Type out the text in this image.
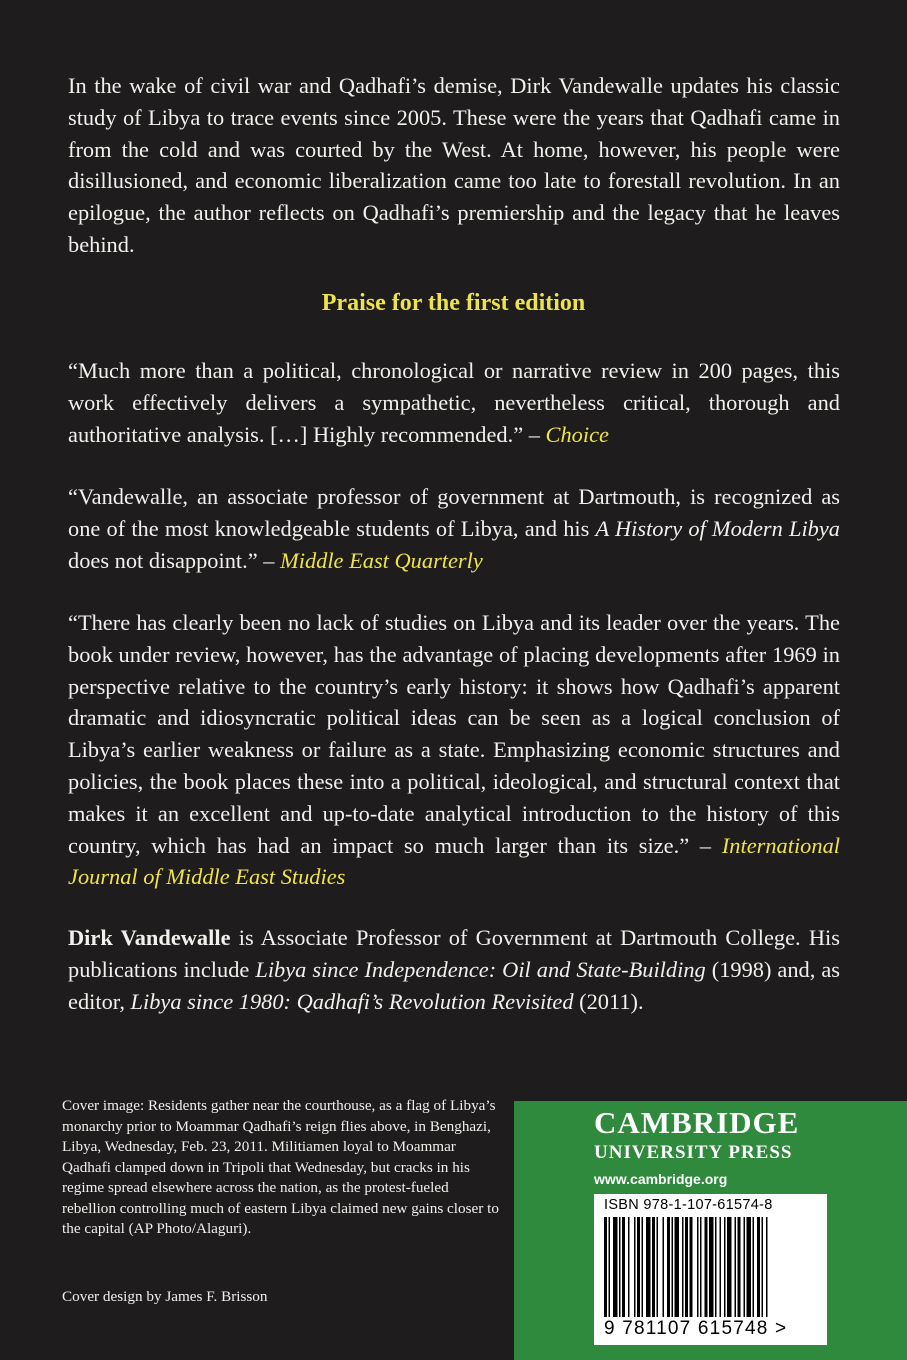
In the wake of civil war and Qadhafi’s demise, Dirk Vandewalle updates his classic study of Libya to trace events since 2005. These were the years that Qadhafi came in from the cold and was courted by the West. At home, however, his people were disillusioned, and economic liberalization came too late to forestall revolution. In an epilogue, the author reflects on Qadhafi’s premiership and the legacy that he leaves behind.

Praise for the first edition

“Much more than a political, chronological or narrative review in 200 pages, this work effectively delivers a sympathetic, nevertheless critical, thorough and authoritative analysis. […] Highly recommended.” – Choice

“Vandewalle, an associate professor of government at Dartmouth, is recognized as one of the most knowledgeable students of Libya, and his A History of Modern Libya does not disappoint.” – Middle East Quarterly

“There has clearly been no lack of studies on Libya and its leader over the years. The book under review, however, has the advantage of placing developments after 1969 in perspective relative to the country’s early history: it shows how Qadhafi’s apparent dramatic and idiosyncratic political ideas can be seen as a logical conclusion of Libya’s earlier weakness or failure as a state. Emphasizing economic structures and policies, the book places these into a political, ideological, and structural context that makes it an excellent and up-to-date analytical introduction to the history of this country, which has had an impact so much larger than its size.” – International Journal of Middle East Studies

Dirk Vandewalle is Associate Professor of Government at Dartmouth College. His publications include Libya since Independence: Oil and State-Building (1998) and, as editor, Libya since 1980: Qadhafi’s Revolution Revisited (2011).

Cover image: Residents gather near the courthouse, as a flag of Libya’s monarchy prior to Moammar Qadhafi’s reign flies above, in Benghazi, Libya, Wednesday, Feb. 23, 2011. Militiamen loyal to Moammar Qadhafi clamped down in Tripoli that Wednesday, but cracks in his regime spread elsewhere across the nation, as the protest-fueled rebellion controlling much of eastern Libya claimed new gains closer to the capital (AP Photo/Alaguri).

Cover design by James F. Brisson

CAMBRIDGE
UNIVERSITY PRESS
www.cambridge.org
ISBN 978-1-107-61574-8
9 781107 615748 >
